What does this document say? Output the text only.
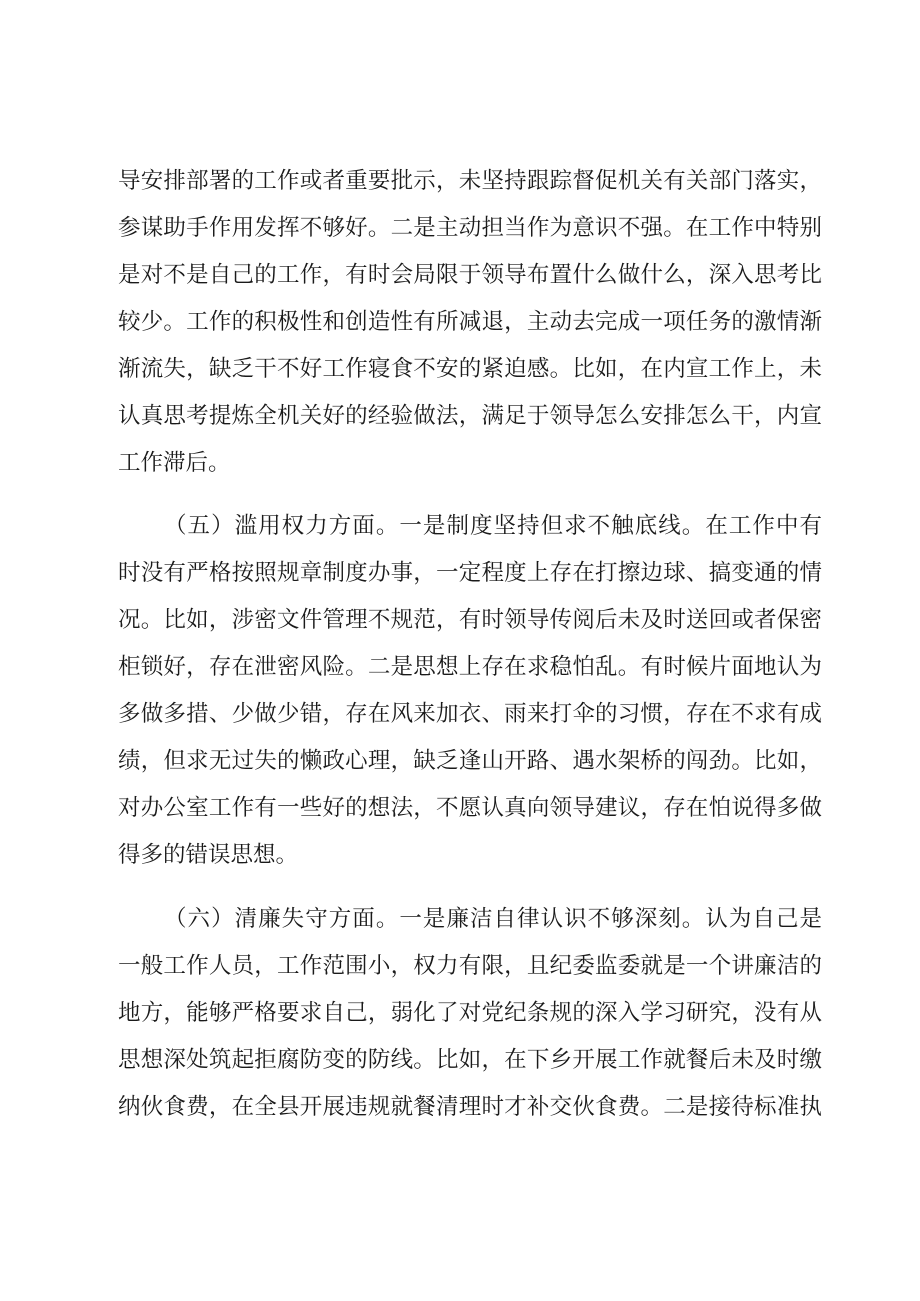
导安排部署的工作或者重要批示，未坚持跟踪督促机关有关部门落实，
参谋助手作用发挥不够好。二是主动担当作为意识不强。在工作中特别
是对不是自己的工作，有时会局限于领导布置什么做什么，深入思考比
较少。工作的积极性和创造性有所减退，主动去完成一项任务的激情渐
渐流失，缺乏干不好工作寝食不安的紧迫感。比如，在内宣工作上，未
认真思考提炼全机关好的经验做法，满足于领导怎么安排怎么干，内宣
工作滞后。
（五）滥用权力方面。一是制度坚持但求不触底线。在工作中有
时没有严格按照规章制度办事，一定程度上存在打擦边球、搞变通的情
况。比如，涉密文件管理不规范，有时领导传阅后未及时送回或者保密
柜锁好，存在泄密风险。二是思想上存在求稳怕乱。有时候片面地认为
多做多措、少做少错，存在风来加衣、雨来打伞的习惯，存在不求有成
绩，但求无过失的懒政心理，缺乏逢山开路、遇水架桥的闯劲。比如，
对办公室工作有一些好的想法，不愿认真向领导建议，存在怕说得多做
得多的错误思想。
（六）清廉失守方面。一是廉洁自律认识不够深刻。认为自己是
一般工作人员，工作范围小，权力有限，且纪委监委就是一个讲廉洁的
地方，能够严格要求自己，弱化了对党纪条规的深入学习研究，没有从
思想深处筑起拒腐防变的防线。比如，在下乡开展工作就餐后未及时缴
纳伙食费，在全县开展违规就餐清理时才补交伙食费。二是接待标准执
